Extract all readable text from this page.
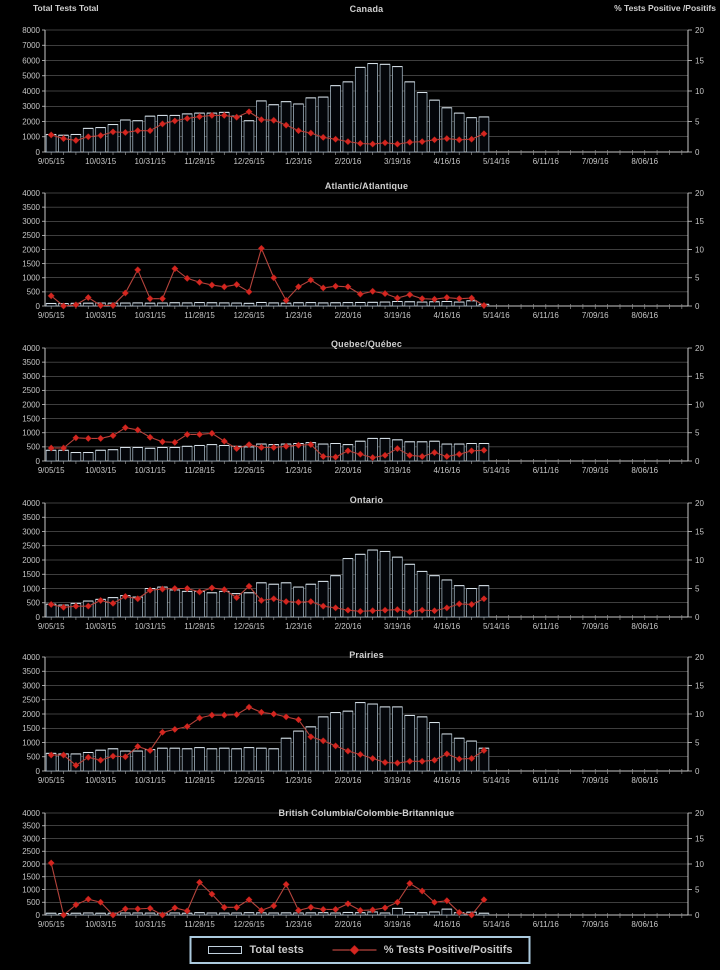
Total Tests Total	% Tests Positive /Positifs
0
1000
2000
3000
4000
5000
6000
7000
8000
0
5
10
15
20
9/05/15	10/03/15 10/31/15 11/28/15 12/26/15	1/23/16	2/20/16	3/19/16	4/16/16	5/14/16	6/11/16	7/09/16	8/06/16
Canada
0
500
1000
1500
2000
2500
3000
3500
4000
0
5
10
15
20
9/05/15	10/03/15 10/31/15 11/28/15 12/26/15	1/23/16	2/20/16	3/19/16	4/16/16	5/14/16	6/11/16	7/09/16	8/06/16
Atlantic/Atlantique
0
500
1000
1500
2000
2500
3000
3500
4000
0
5
10
15
20
9/05/15	10/03/15 10/31/15 11/28/15 12/26/15	1/23/16	2/20/16	3/19/16	4/16/16	5/14/16	6/11/16	7/09/16	8/06/16
Quebec/Québec
0
500
1000
1500
2000
2500
3000
3500
4000
0
5
10
15
20
9/05/15	10/03/15 10/31/15 11/28/15 12/26/15	1/23/16	2/20/16	3/19/16	4/16/16	5/14/16	6/11/16	7/09/16	8/06/16
Ontario
0
500
1000
1500
2000
2500
3000
3500
4000
0
5
10
15
20
9/05/15	10/03/15 10/31/15 11/28/15 12/26/15	1/23/16	2/20/16	3/19/16	4/16/16	5/14/16	6/11/16	7/09/16	8/06/16
Prairies
0
500
1000
1500
2000
2500
3000
3500
4000
0
5
10
15
20
9/05/15	10/03/15 10/31/15 11/28/15 12/26/15	1/23/16	2/20/16	3/19/16	4/16/16	5/14/16	6/11/16	7/09/16	8/06/16
British Columbia/Colombie-Britannique
Total tests	% Tests Positive/Positifs
